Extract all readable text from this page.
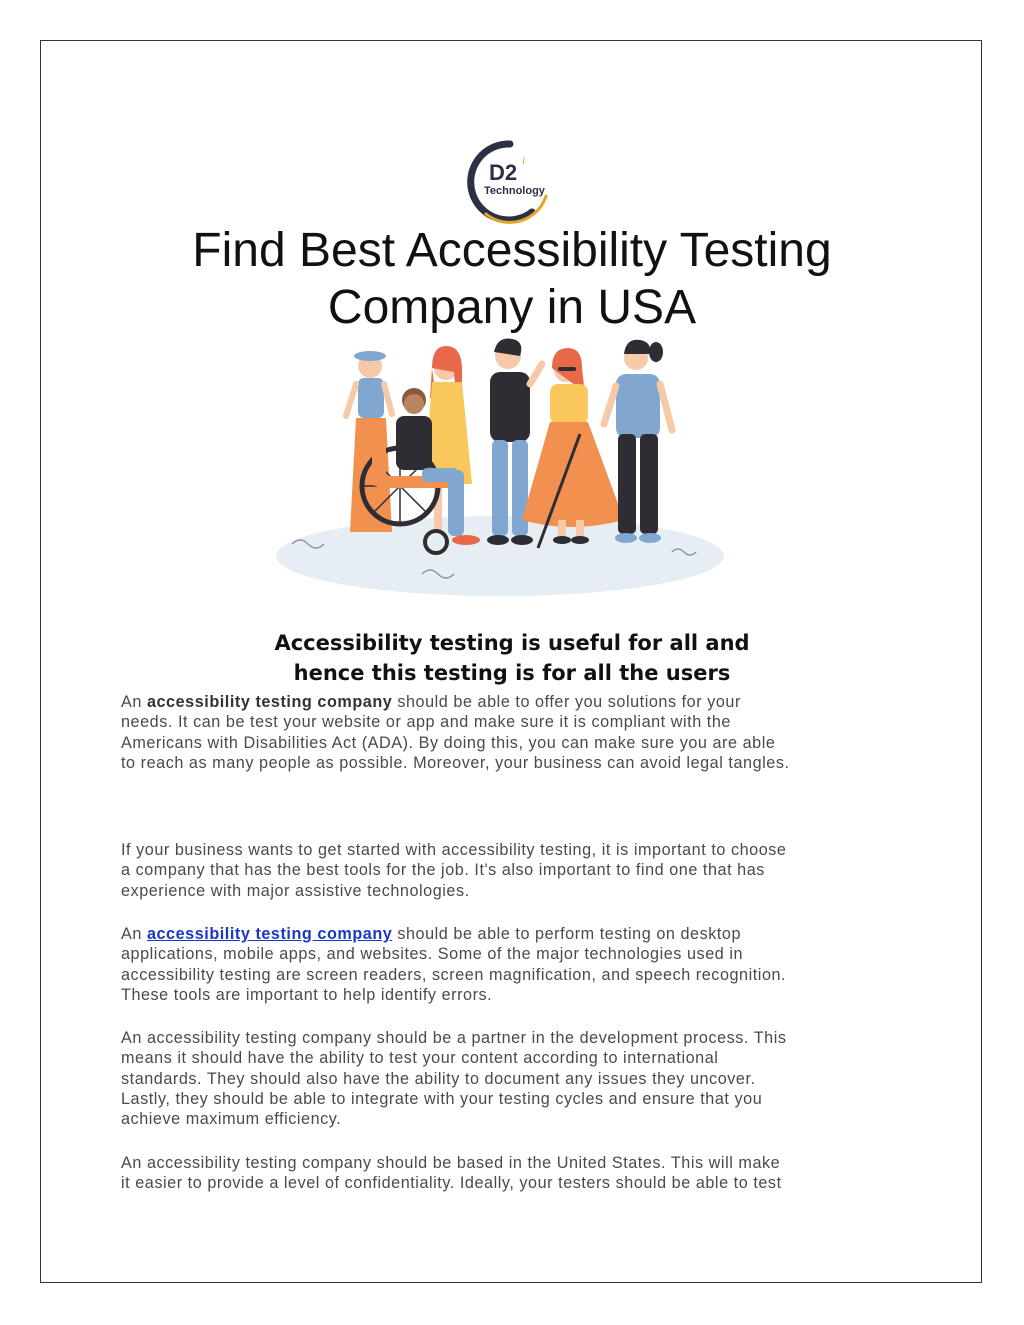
D2 i
Technology
Find Best Accessibility Testing
Company in USA
Accessibility testing is useful for all and
hence this testing is for all the users

An accessibility testing company should be able to offer you solutions for your
needs. It can be test your website or app and make sure it is compliant with the
Americans with Disabilities Act (ADA). By doing this, you can make sure you are able
to reach as many people as possible. Moreover, your business can avoid legal tangles.

If your business wants to get started with accessibility testing, it is important to choose
a company that has the best tools for the job. It's also important to find one that has
experience with major assistive technologies.

An accessibility testing company should be able to perform testing on desktop
applications, mobile apps, and websites. Some of the major technologies used in
accessibility testing are screen readers, screen magnification, and speech recognition.
These tools are important to help identify errors.

An accessibility testing company should be a partner in the development process. This
means it should have the ability to test your content according to international
standards. They should also have the ability to document any issues they uncover.
Lastly, they should be able to integrate with your testing cycles and ensure that you
achieve maximum efficiency.

An accessibility testing company should be based in the United States. This will make
it easier to provide a level of confidentiality. Ideally, your testers should be able to test
